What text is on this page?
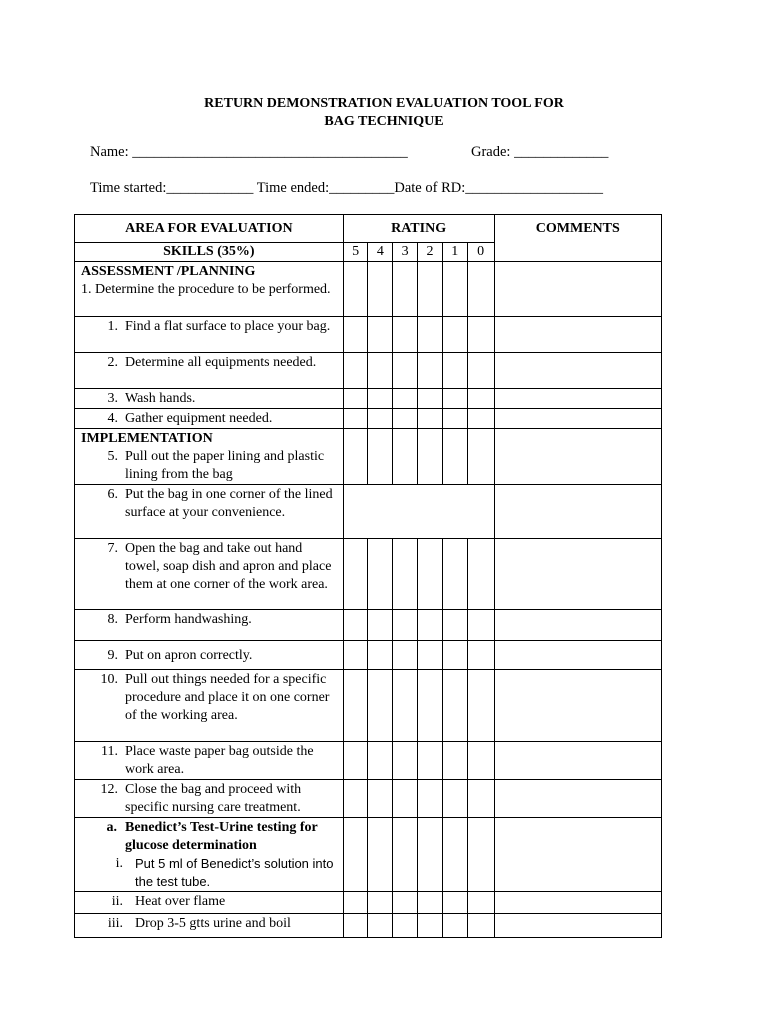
RETURN DEMONSTRATION EVALUATION TOOL FOR
BAG TECHNIQUE
Name: ______________________________________	Grade: _____________
Time started:____________ Time ended:_________Date of RD:___________________
AREA FOR EVALUATION	RATING						COMMENTS
SKILLS (35%)	5	4	3	2	1	0	

ASSESSMENT /PLANNING
1. Determine the procedure to be performed.							

1. Find a flat surface to place your bag.							

2. Determine all equipments needed.							

3. Wash hands.							

4. Gather equipment needed.							

IMPLEMENTATION
5. Pull out the paper lining and plastic lining from the bag							

6. Put the bag in one corner of the lined surface at your convenience.							

7. Open the bag and take out hand towel, soap dish and apron and place them at one corner of the work area.							

8. Perform handwashing.							

9. Put on apron correctly.							

10. Pull out things needed for a specific procedure and place it on one corner of the working area.							

11. Place waste paper bag outside the work area.							

12. Close the bag and proceed with specific nursing care treatment.							

a. Benedict’s Test-Urine testing for glucose determination
i. Put 5 ml of Benedict’s solution into the test tube.							

ii. Heat over flame							

iii. Drop 3-5 gtts urine and boil							
